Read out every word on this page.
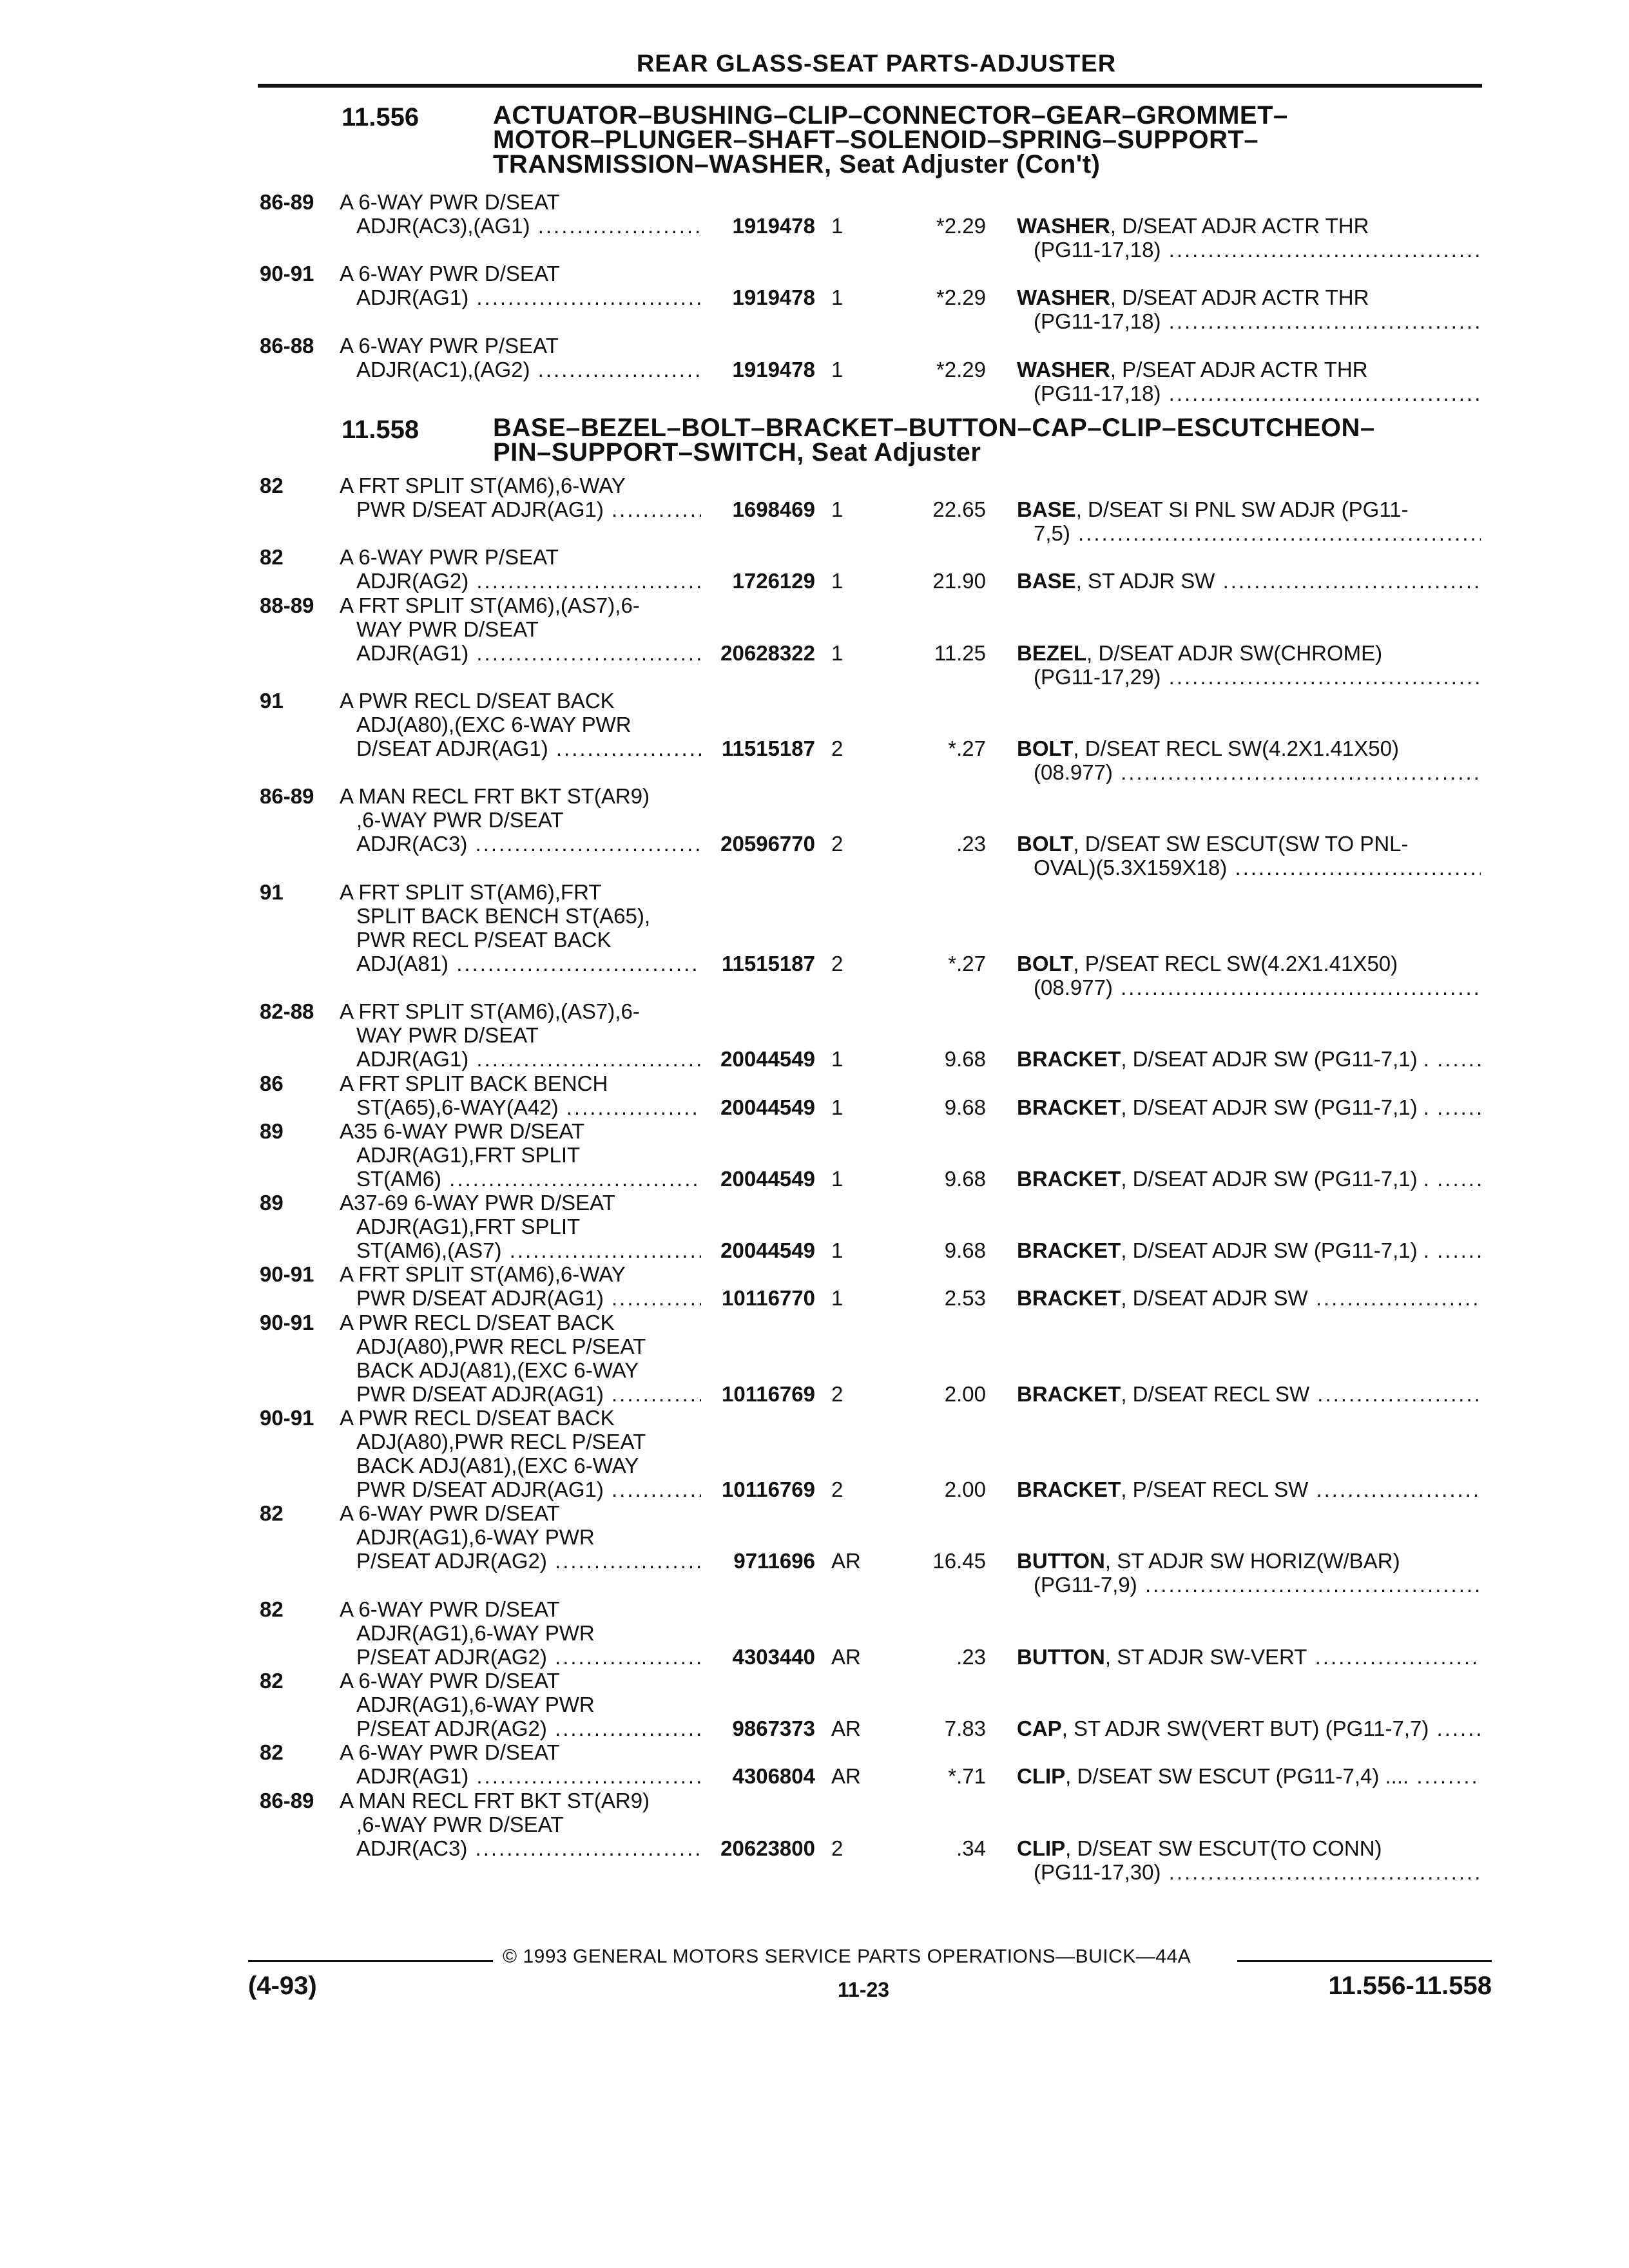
REAR GLASS-SEAT PARTS-ADJUSTER
11.556	ACTUATOR–BUSHING–CLIP–CONNECTOR–GEAR–GROMMET–
MOTOR–PLUNGER–SHAFT–SOLENOID–SPRING–SUPPORT–
TRANSMISSION–WASHER, Seat Adjuster (Con't)
86-89	A 6-WAY PWR D/SEAT
ADJR(AC3),(AG1) .....	1919478 1	*2.29 WASHER, D/SEAT ADJR ACTR THR
(PG11-17,18) .....
90-91	A 6-WAY PWR D/SEAT
ADJR(AG1) .....	1919478 1	*2.29 WASHER, D/SEAT ADJR ACTR THR
(PG11-17,18) .....
86-88	A 6-WAY PWR P/SEAT
ADJR(AC1),(AG2) .....	1919478 1	*2.29 WASHER, P/SEAT ADJR ACTR THR
(PG11-17,18) .....
11.558	BASE–BEZEL–BOLT–BRACKET–BUTTON–CAP–CLIP–ESCUTCHEON–
PIN–SUPPORT–SWITCH, Seat Adjuster
82	A FRT SPLIT ST(AM6),6-WAY
PWR D/SEAT ADJR(AG1) .....	1698469 1	22.65 BASE, D/SEAT SI PNL SW ADJR (PG11-
7,5) .....
82	A 6-WAY PWR P/SEAT
ADJR(AG2) .....	1726129 1	21.90 BASE, ST ADJR SW .....
88-89	A FRT SPLIT ST(AM6),(AS7),6-
WAY PWR D/SEAT
ADJR(AG1) .....	20628322 1	11.25 BEZEL, D/SEAT ADJR SW(CHROME)
(PG11-17,29) .....
91	A PWR RECL D/SEAT BACK
ADJ(A80),(EXC 6-WAY PWR
D/SEAT ADJR(AG1) .....	11515187 2	*.27 BOLT, D/SEAT RECL SW(4.2X1.41X50)
(08.977) .....
86-89	A MAN RECL FRT BKT ST(AR9)
,6-WAY PWR D/SEAT
ADJR(AC3) .....	20596770 2	.23 BOLT, D/SEAT SW ESCUT(SW TO PNL-
OVAL)(5.3X159X18) .....
91	A FRT SPLIT ST(AM6),FRT
SPLIT BACK BENCH ST(A65),
PWR RECL P/SEAT BACK
ADJ(A81) .....	11515187 2	*.27 BOLT, P/SEAT RECL SW(4.2X1.41X50)
(08.977) .....
82-88	A FRT SPLIT ST(AM6),(AS7),6-
WAY PWR D/SEAT
ADJR(AG1) .....	20044549 1	9.68 BRACKET, D/SEAT ADJR SW (PG11-7,1) . .....
86	A FRT SPLIT BACK BENCH
ST(A65),6-WAY(A42) .....	20044549 1	9.68 BRACKET, D/SEAT ADJR SW (PG11-7,1) . .....
89	A35 6-WAY PWR D/SEAT
ADJR(AG1),FRT SPLIT
ST(AM6) .....	20044549 1	9.68 BRACKET, D/SEAT ADJR SW (PG11-7,1) . .....
89	A37-69 6-WAY PWR D/SEAT
ADJR(AG1),FRT SPLIT
ST(AM6),(AS7) .....	20044549 1	9.68 BRACKET, D/SEAT ADJR SW (PG11-7,1) . .....
90-91	A FRT SPLIT ST(AM6),6-WAY
PWR D/SEAT ADJR(AG1) .....	10116770 1	2.53 BRACKET, D/SEAT ADJR SW .....
90-91	A PWR RECL D/SEAT BACK
ADJ(A80),PWR RECL P/SEAT
BACK ADJ(A81),(EXC 6-WAY
PWR D/SEAT ADJR(AG1) .....	10116769 2	2.00 BRACKET, D/SEAT RECL SW .....
90-91	A PWR RECL D/SEAT BACK
ADJ(A80),PWR RECL P/SEAT
BACK ADJ(A81),(EXC 6-WAY
PWR D/SEAT ADJR(AG1) .....	10116769 2	2.00 BRACKET, P/SEAT RECL SW .....
82	A 6-WAY PWR D/SEAT
ADJR(AG1),6-WAY PWR
P/SEAT ADJR(AG2) .....	9711696 AR	16.45 BUTTON, ST ADJR SW HORIZ(W/BAR)
(PG11-7,9) .....
82	A 6-WAY PWR D/SEAT
ADJR(AG1),6-WAY PWR
P/SEAT ADJR(AG2) .....	4303440 AR	.23 BUTTON, ST ADJR SW-VERT .....
82	A 6-WAY PWR D/SEAT
ADJR(AG1),6-WAY PWR
P/SEAT ADJR(AG2) .....	9867373 AR	7.83 CAP, ST ADJR SW(VERT BUT) (PG11-7,7) .....
82	A 6-WAY PWR D/SEAT
ADJR(AG1) .....	4306804 AR	*.71 CLIP, D/SEAT SW ESCUT (PG11-7,4) .... .....
86-89	A MAN RECL FRT BKT ST(AR9)
,6-WAY PWR D/SEAT
ADJR(AC3) .....	20623800 2	.34 CLIP, D/SEAT SW ESCUT(TO CONN)
(PG11-17,30) .....
© 1993 GENERAL MOTORS SERVICE PARTS OPERATIONS—BUICK—44A
(4-93)	11-23	11.556-11.558
